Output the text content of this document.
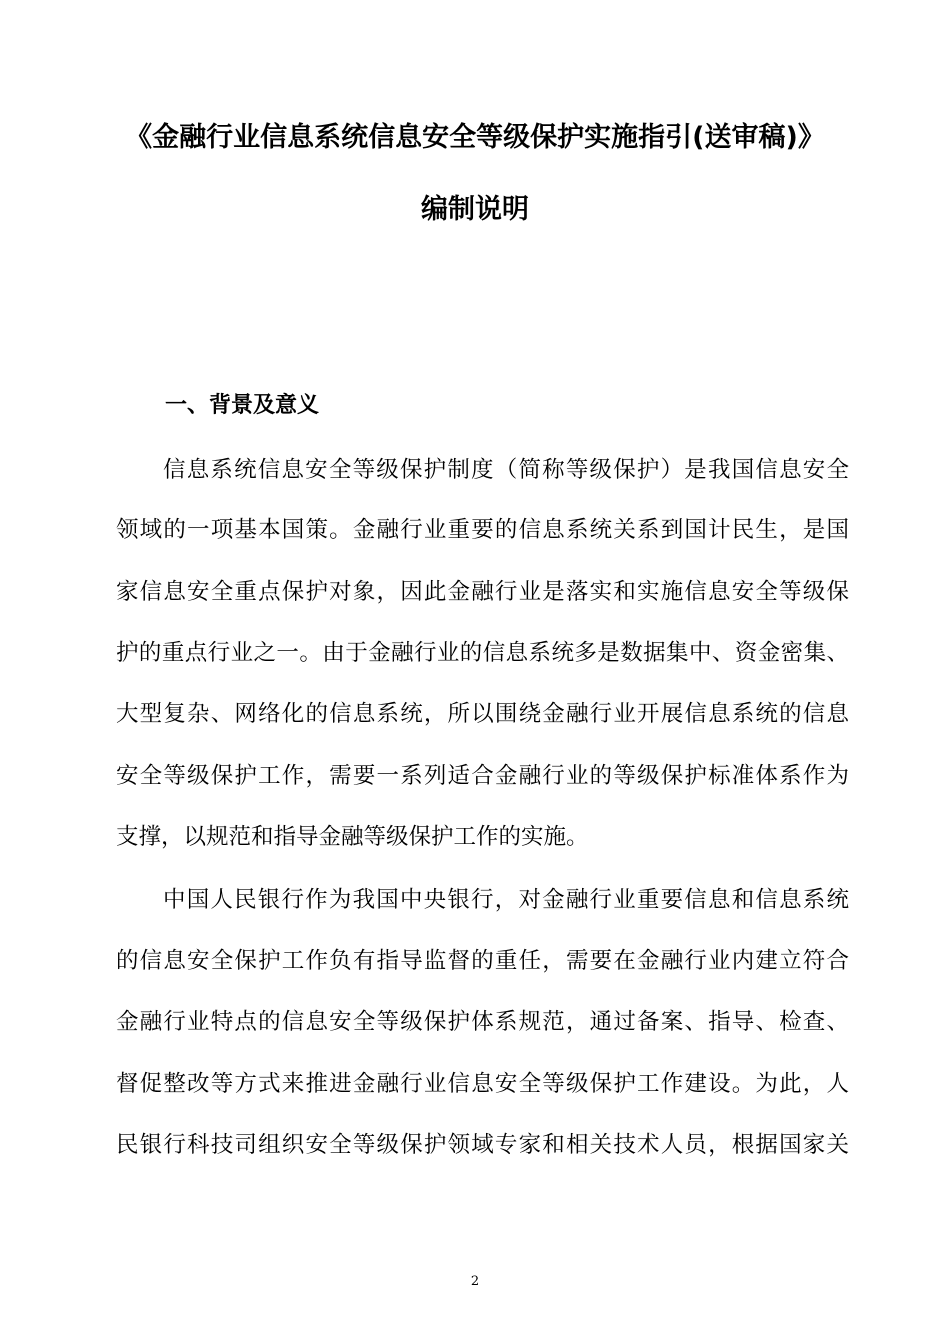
《金融行业信息系统信息安全等级保护实施指引(送审稿)》
编制说明
一、背景及意义
信息系统信息安全等级保护制度（简称等级保护）是我国信息安全
领域的一项基本国策。金融行业重要的信息系统关系到国计民生，是国
家信息安全重点保护对象，因此金融行业是落实和实施信息安全等级保
护的重点行业之一。由于金融行业的信息系统多是数据集中、资金密集、
大型复杂、网络化的信息系统，所以围绕金融行业开展信息系统的信息
安全等级保护工作，需要一系列适合金融行业的等级保护标准体系作为
支撑，以规范和指导金融等级保护工作的实施。
中国人民银行作为我国中央银行，对金融行业重要信息和信息系统
的信息安全保护工作负有指导监督的重任，需要在金融行业内建立符合
金融行业特点的信息安全等级保护体系规范，通过备案、指导、检查、
督促整改等方式来推进金融行业信息安全等级保护工作建设。为此，人
民银行科技司组织安全等级保护领域专家和相关技术人员，根据国家关
2
